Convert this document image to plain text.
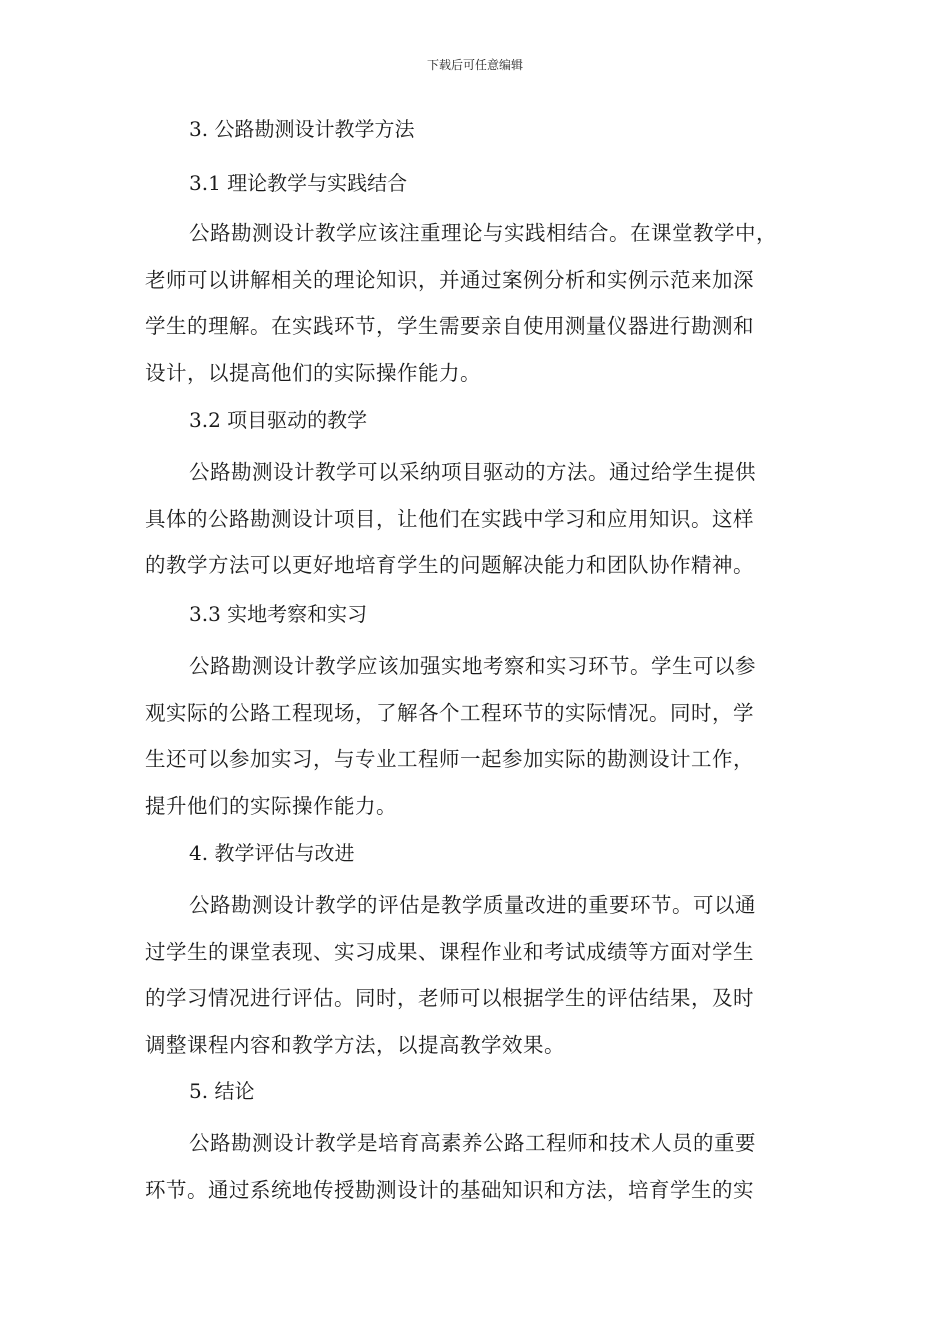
下载后可任意编辑
3. 公路勘测设计教学方法
3.1 理论教学与实践结合
公路勘测设计教学应该注重理论与实践相结合。在课堂教学中，
老师可以讲解相关的理论知识，并通过案例分析和实例示范来加深
学生的理解。在实践环节，学生需要亲自使用测量仪器进行勘测和
设计，以提高他们的实际操作能力。
3.2 项目驱动的教学
公路勘测设计教学可以采纳项目驱动的方法。通过给学生提供
具体的公路勘测设计项目，让他们在实践中学习和应用知识。这样
的教学方法可以更好地培育学生的问题解决能力和团队协作精神。
3.3 实地考察和实习
公路勘测设计教学应该加强实地考察和实习环节。学生可以参
观实际的公路工程现场，了解各个工程环节的实际情况。同时，学
生还可以参加实习，与专业工程师一起参加实际的勘测设计工作，
提升他们的实际操作能力。
4. 教学评估与改进
公路勘测设计教学的评估是教学质量改进的重要环节。可以通
过学生的课堂表现、实习成果、课程作业和考试成绩等方面对学生
的学习情况进行评估。同时，老师可以根据学生的评估结果，及时
调整课程内容和教学方法，以提高教学效果。
5. 结论
公路勘测设计教学是培育高素养公路工程师和技术人员的重要
环节。通过系统地传授勘测设计的基础知识和方法，培育学生的实
